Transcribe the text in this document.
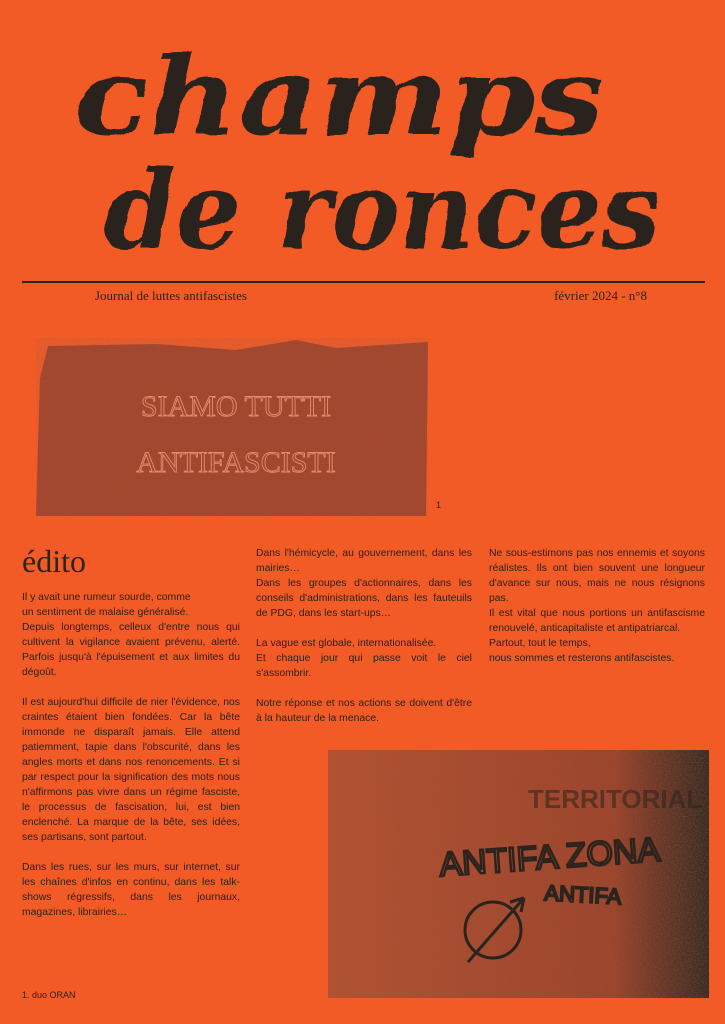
champs
de ronces
Journal de luttes antifascistes	février 2024 - n°8
SIAMO TUTTI
ANTIFASCISTI
1
édito

Il y avait une rumeur sourde, comme
un sentiment de malaise généralisé.
Depuis longtemps, celleux d'entre nous qui cultivent la vigilance avaient prévenu, alerté. Parfois jusqu'à l'épuisement et aux limites du dégoût.

Il est aujourd'hui difficile de nier l'évidence, nos craintes étaient bien fondées. Car la bête immonde ne disparaît jamais. Elle attend patiemment, tapie dans l'obscurité, dans les angles morts et dans nos renoncements. Et si par respect pour la signification des mots nous n'affirmons pas vivre dans un régime fasciste, le processus de fascisation, lui, est bien enclenché. La marque de la bête, ses idées, ses partisans, sont partout.

Dans les rues, sur les murs, sur internet, sur les chaînes d'infos en continu, dans les talk-shows régressifs, dans les journaux, magazines, librairies…

Dans l'hémicycle, au gouvernement, dans les mairies…
Dans les groupes d'actionnaires, dans les conseils d'administrations, dans les fauteuils de PDG, dans les start-ups…

La vague est globale, internationalisée.
Et chaque jour qui passe voit le ciel s'assombrir.

Notre réponse et nos actions se doivent d'être à la hauteur de la menace.

Ne sous-estimons pas nos ennemis et soyons réalistes. Ils ont bien souvent une longueur d'avance sur nous, mais ne nous résignons pas.
Il est vital que nous portions un antifascisme renouvelé, anticapitaliste et antipatriarcal.
Partout, tout le temps,
nous sommes et resterons antifascistes.

TERRITORIAL
ANTIFA ZONA
ANTIFA
1. duo ORAN
